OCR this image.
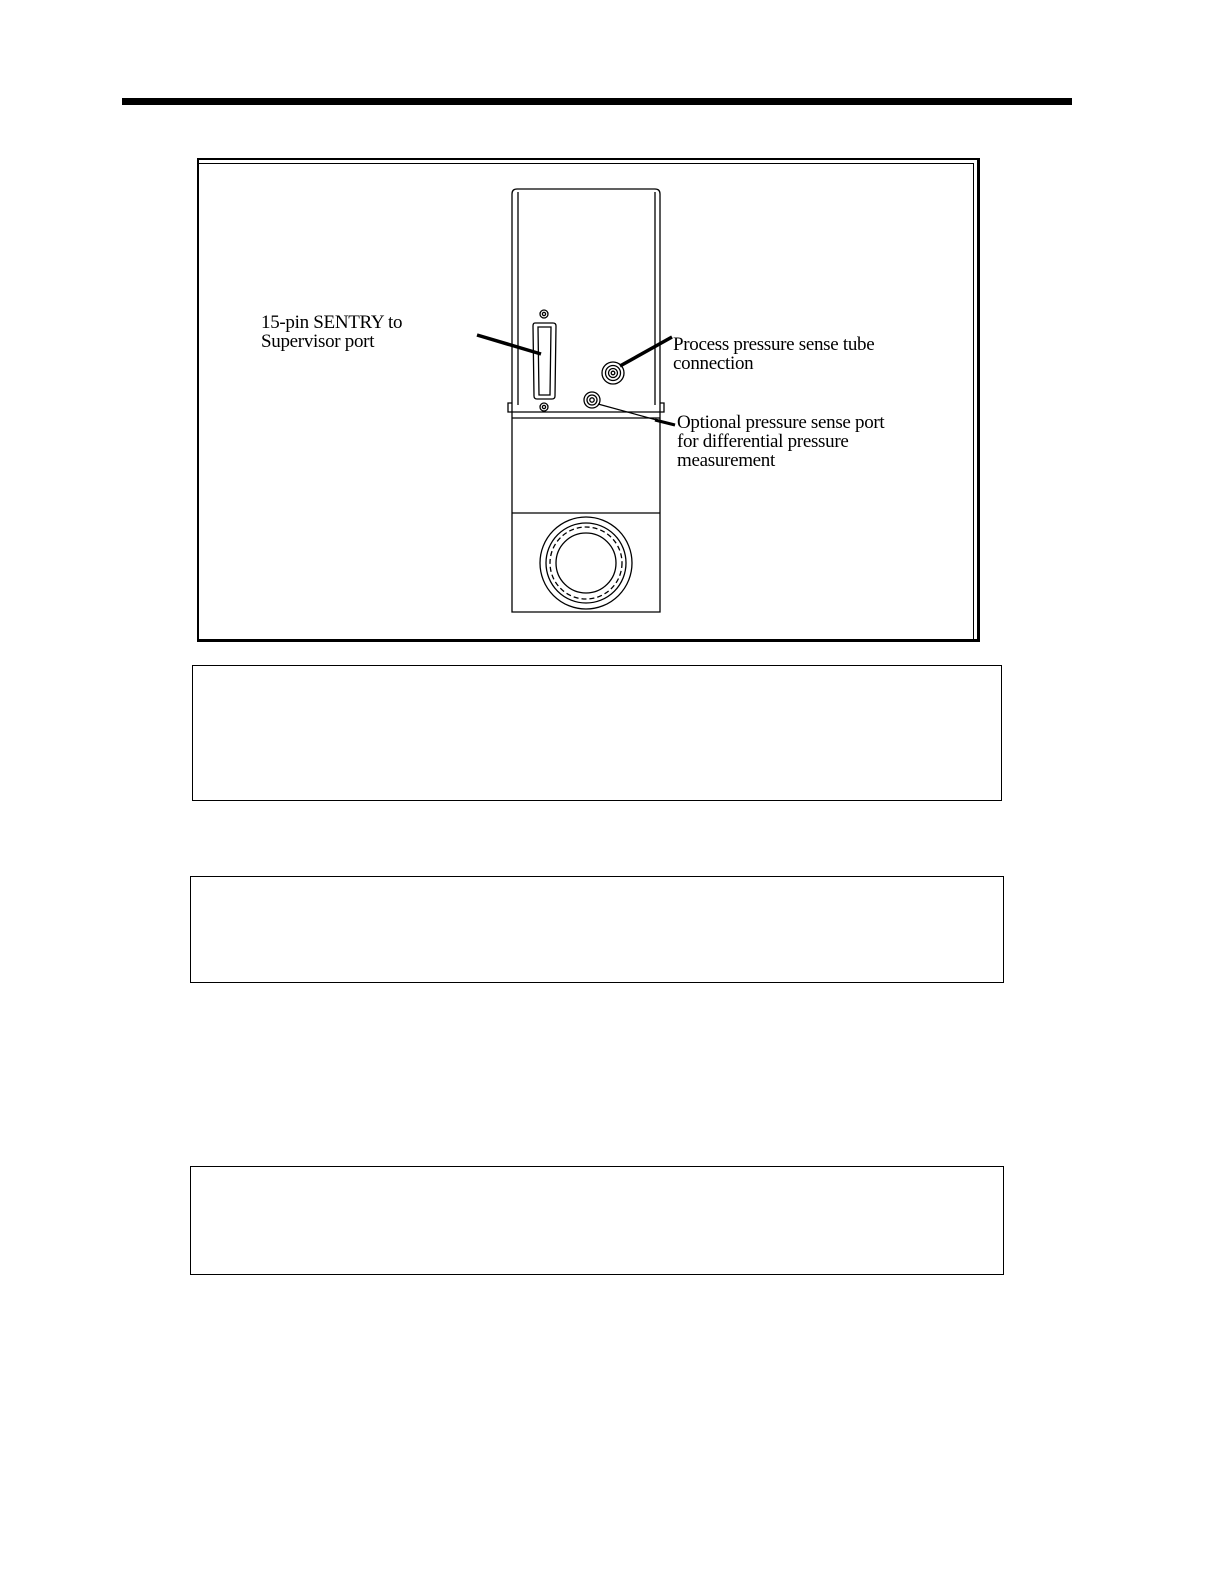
15-pin SENTRY to
Supervisor port	Process pressure sense tube
connection
Optional pressure sense port
for differential pressure
measurement
